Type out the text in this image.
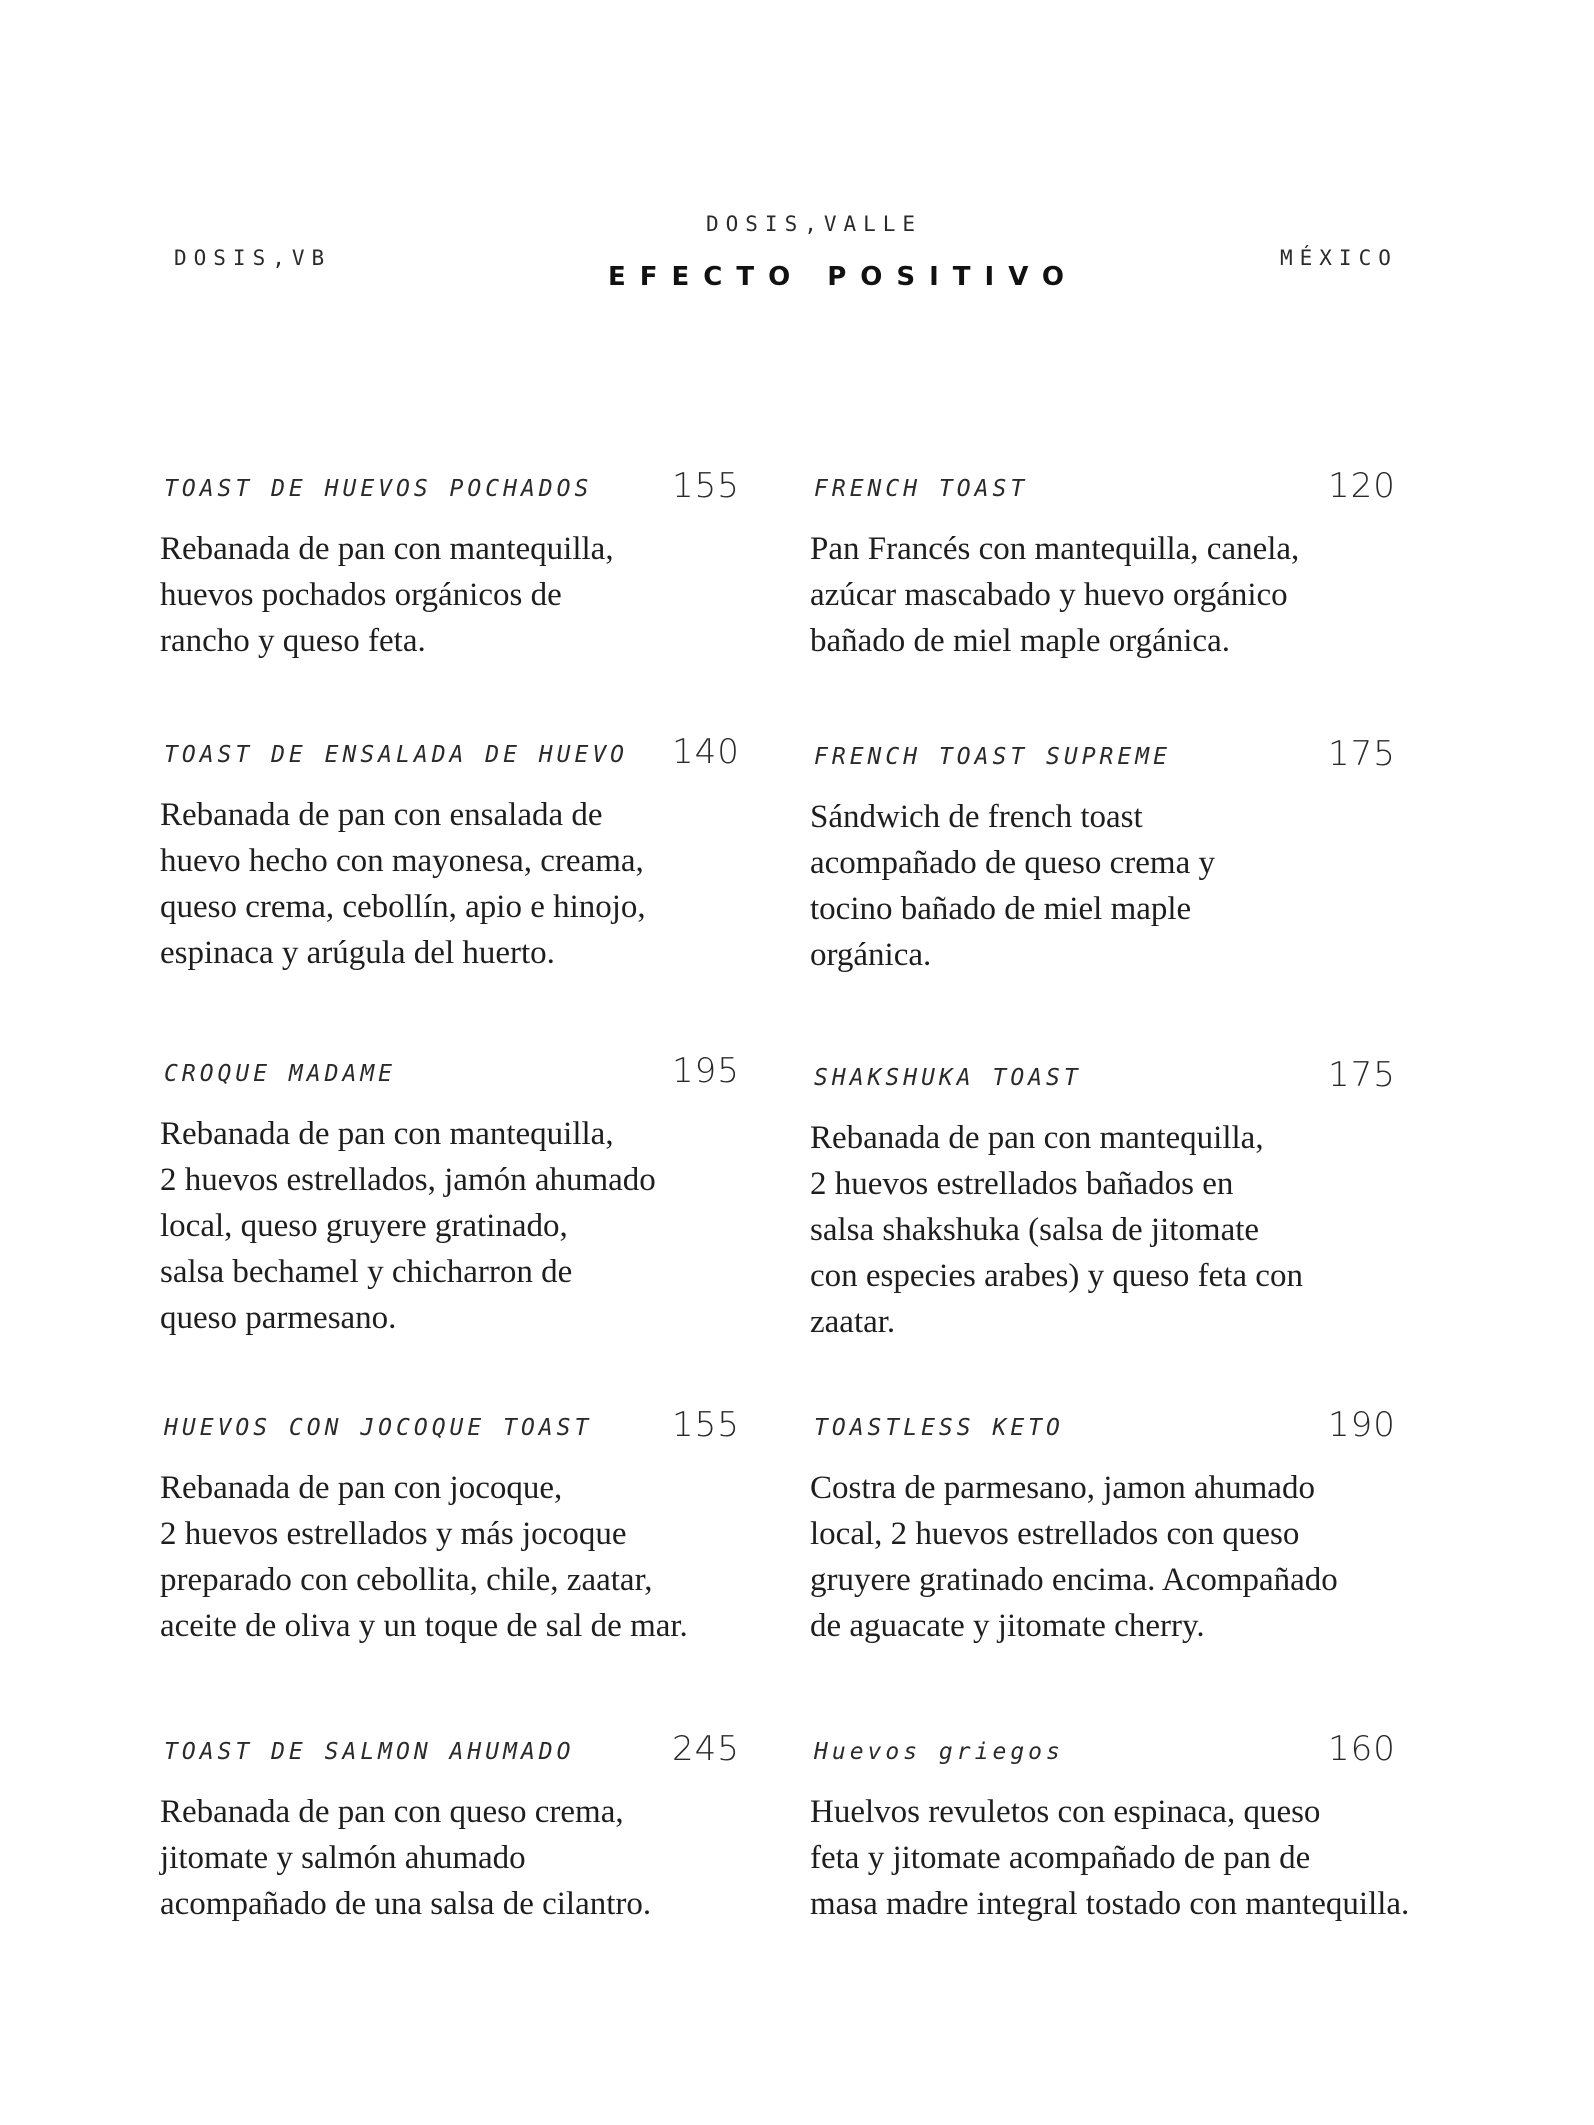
DOSIS,VB
DOSIS,VALLE
EFECTO POSITIVO
MÉXICO
TOAST DE HUEVOS POCHADOS 155
Rebanada de pan con mantequilla,
huevos pochados orgánicos de
rancho y queso feta.
TOAST DE ENSALADA DE HUEVO 140
Rebanada de pan con ensalada de
huevo hecho con mayonesa, creama,
queso crema, cebollín, apio e hinojo,
espinaca y arúgula del huerto.
CROQUE MADAME	195
Rebanada de pan con mantequilla,
2 huevos estrellados, jamón ahumado
local, queso gruyere gratinado,
salsa bechamel y chicharron de
queso parmesano.
HUEVOS CON JOCOQUE TOAST 155
Rebanada de pan con jocoque,
2 huevos estrellados y más jocoque
preparado con cebollita, chile, zaatar,
aceite de oliva y un toque de sal de mar.
TOAST DE SALMON AHUMADO	245
Rebanada de pan con queso crema,
jitomate y salmón ahumado
acompañado de una salsa de cilantro.
FRENCH TOAST	120
Pan Francés con mantequilla, canela,
azúcar mascabado y huevo orgánico
bañado de miel maple orgánica.
FRENCH TOAST SUPREME	175
Sándwich de french toast
acompañado de queso crema y
tocino bañado de miel maple
orgánica.
SHAKSHUKA TOAST	175
Rebanada de pan con mantequilla,
2 huevos estrellados bañados en
salsa shakshuka (salsa de jitomate
con especies arabes) y queso feta con
zaatar.
TOASTLESS KETO	190
Costra de parmesano, jamon ahumado
local, 2 huevos estrellados con queso
gruyere gratinado encima. Acompañado
de aguacate y jitomate cherry.
Huevos griegos	160
Huelvos revuletos con espinaca, queso
feta y jitomate acompañado de pan de
masa madre integral tostado con mantequilla.
